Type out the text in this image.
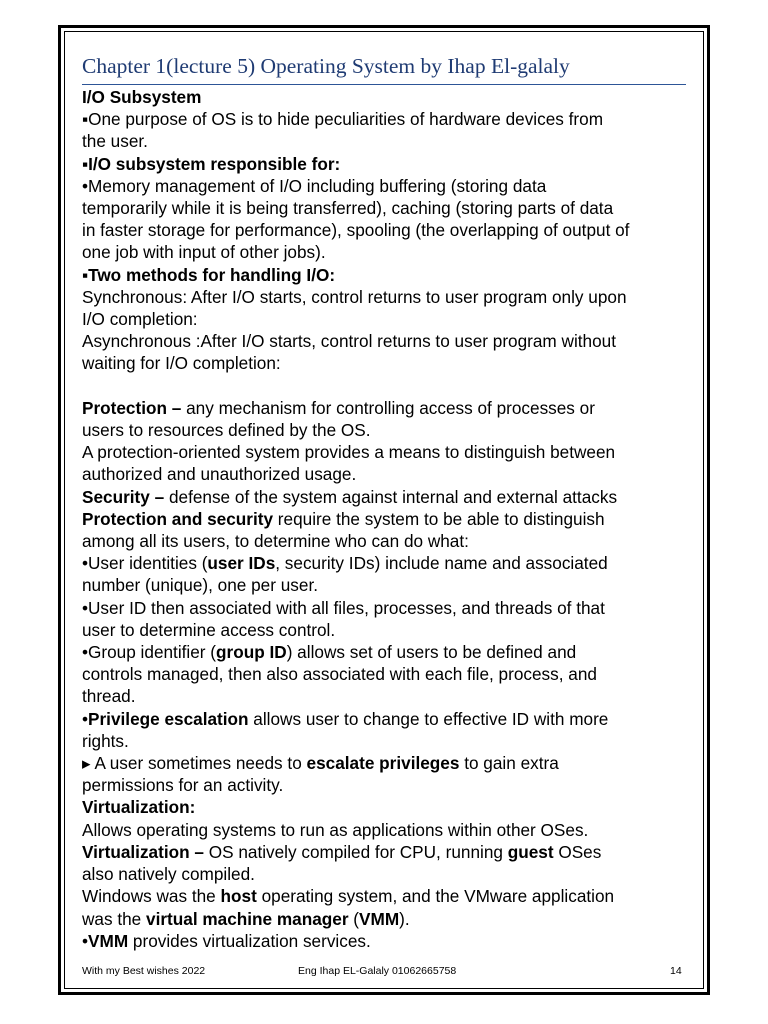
Chapter 1(lecture 5) Operating System by Ihap El-galaly

I/O Subsystem

▪One purpose of OS is to hide peculiarities of hardware devices from

the user.

▪I/O subsystem responsible for:

•Memory management of I/O including buffering (storing data

temporarily while it is being transferred), caching (storing parts of data

in faster storage for performance), spooling (the overlapping of output of

one job with input of other jobs).

▪Two methods for handling I/O:

Synchronous: After I/O starts, control returns to user program only upon

I/O completion:

Asynchronous :After I/O starts, control returns to user program without

waiting for I/O completion:

Protection – any mechanism for controlling access of processes or

users to resources defined by the OS.

A protection-oriented system provides a means to distinguish between

authorized and unauthorized usage.

Security – defense of the system against internal and external attacks

Protection and security require the system to be able to distinguish

among all its users, to determine who can do what:

•User identities (user IDs, security IDs) include name and associated

number (unique), one per user.

•User ID then associated with all files, processes, and threads of that

user to determine access control.

•Group identifier (group ID) allows set of users to be defined and

controls managed, then also associated with each file, process, and

thread.

•Privilege escalation allows user to change to effective ID with more

rights.

▸ A user sometimes needs to escalate privileges to gain extra

permissions for an activity.

Virtualization:

Allows operating systems to run as applications within other OSes.

Virtualization – OS natively compiled for CPU, running guest OSes

also natively compiled.

Windows was the host operating system, and the VMware application

was the virtual machine manager (VMM).

•VMM provides virtualization services.

With my Best wishes 2022	Eng Ihap EL-Galaly 01062665758	14
